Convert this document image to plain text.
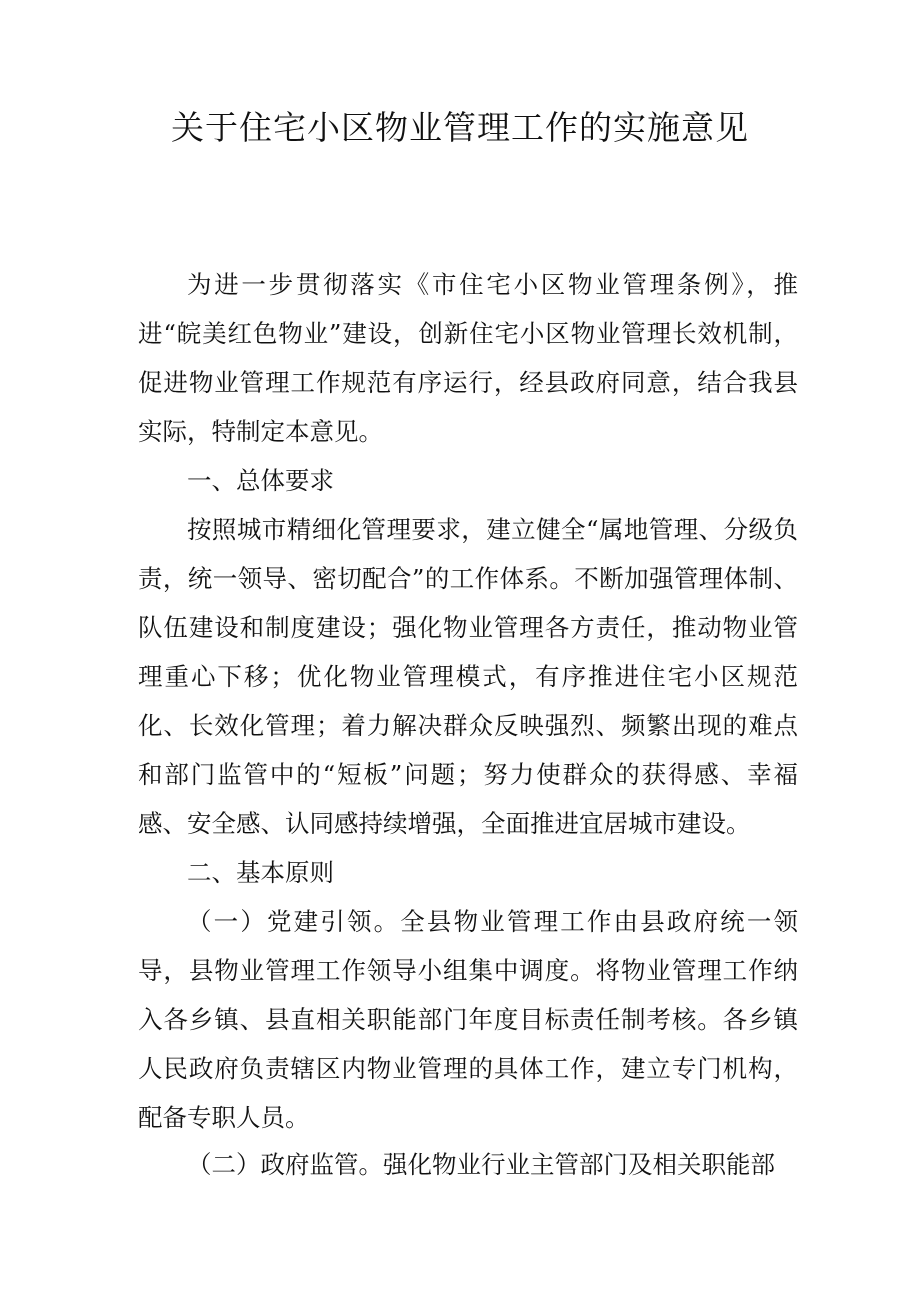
关于住宅小区物业管理工作的实施意见

为进一步贯彻落实《市住宅小区物业管理条例》，推进“皖美红色物业”建设，创新住宅小区物业管理长效机制，促进物业管理工作规范有序运行，经县政府同意，结合我县实际，特制定本意见。

一、总体要求

按照城市精细化管理要求，建立健全“属地管理、分级负责，统一领导、密切配合”的工作体系。不断加强管理体制、队伍建设和制度建设；强化物业管理各方责任，推动物业管理重心下移；优化物业管理模式，有序推进住宅小区规范化、长效化管理；着力解决群众反映强烈、频繁出现的难点和部门监管中的“短板”问题；努力使群众的获得感、幸福感、安全感、认同感持续增强，全面推进宜居城市建设。

二、基本原则

（一）党建引领。全县物业管理工作由县政府统一领导，县物业管理工作领导小组集中调度。将物业管理工作纳入各乡镇、县直相关职能部门年度目标责任制考核。各乡镇人民政府负责辖区内物业管理的具体工作，建立专门机构，配备专职人员。

（二）政府监管。强化物业行业主管部门及相关职能部
